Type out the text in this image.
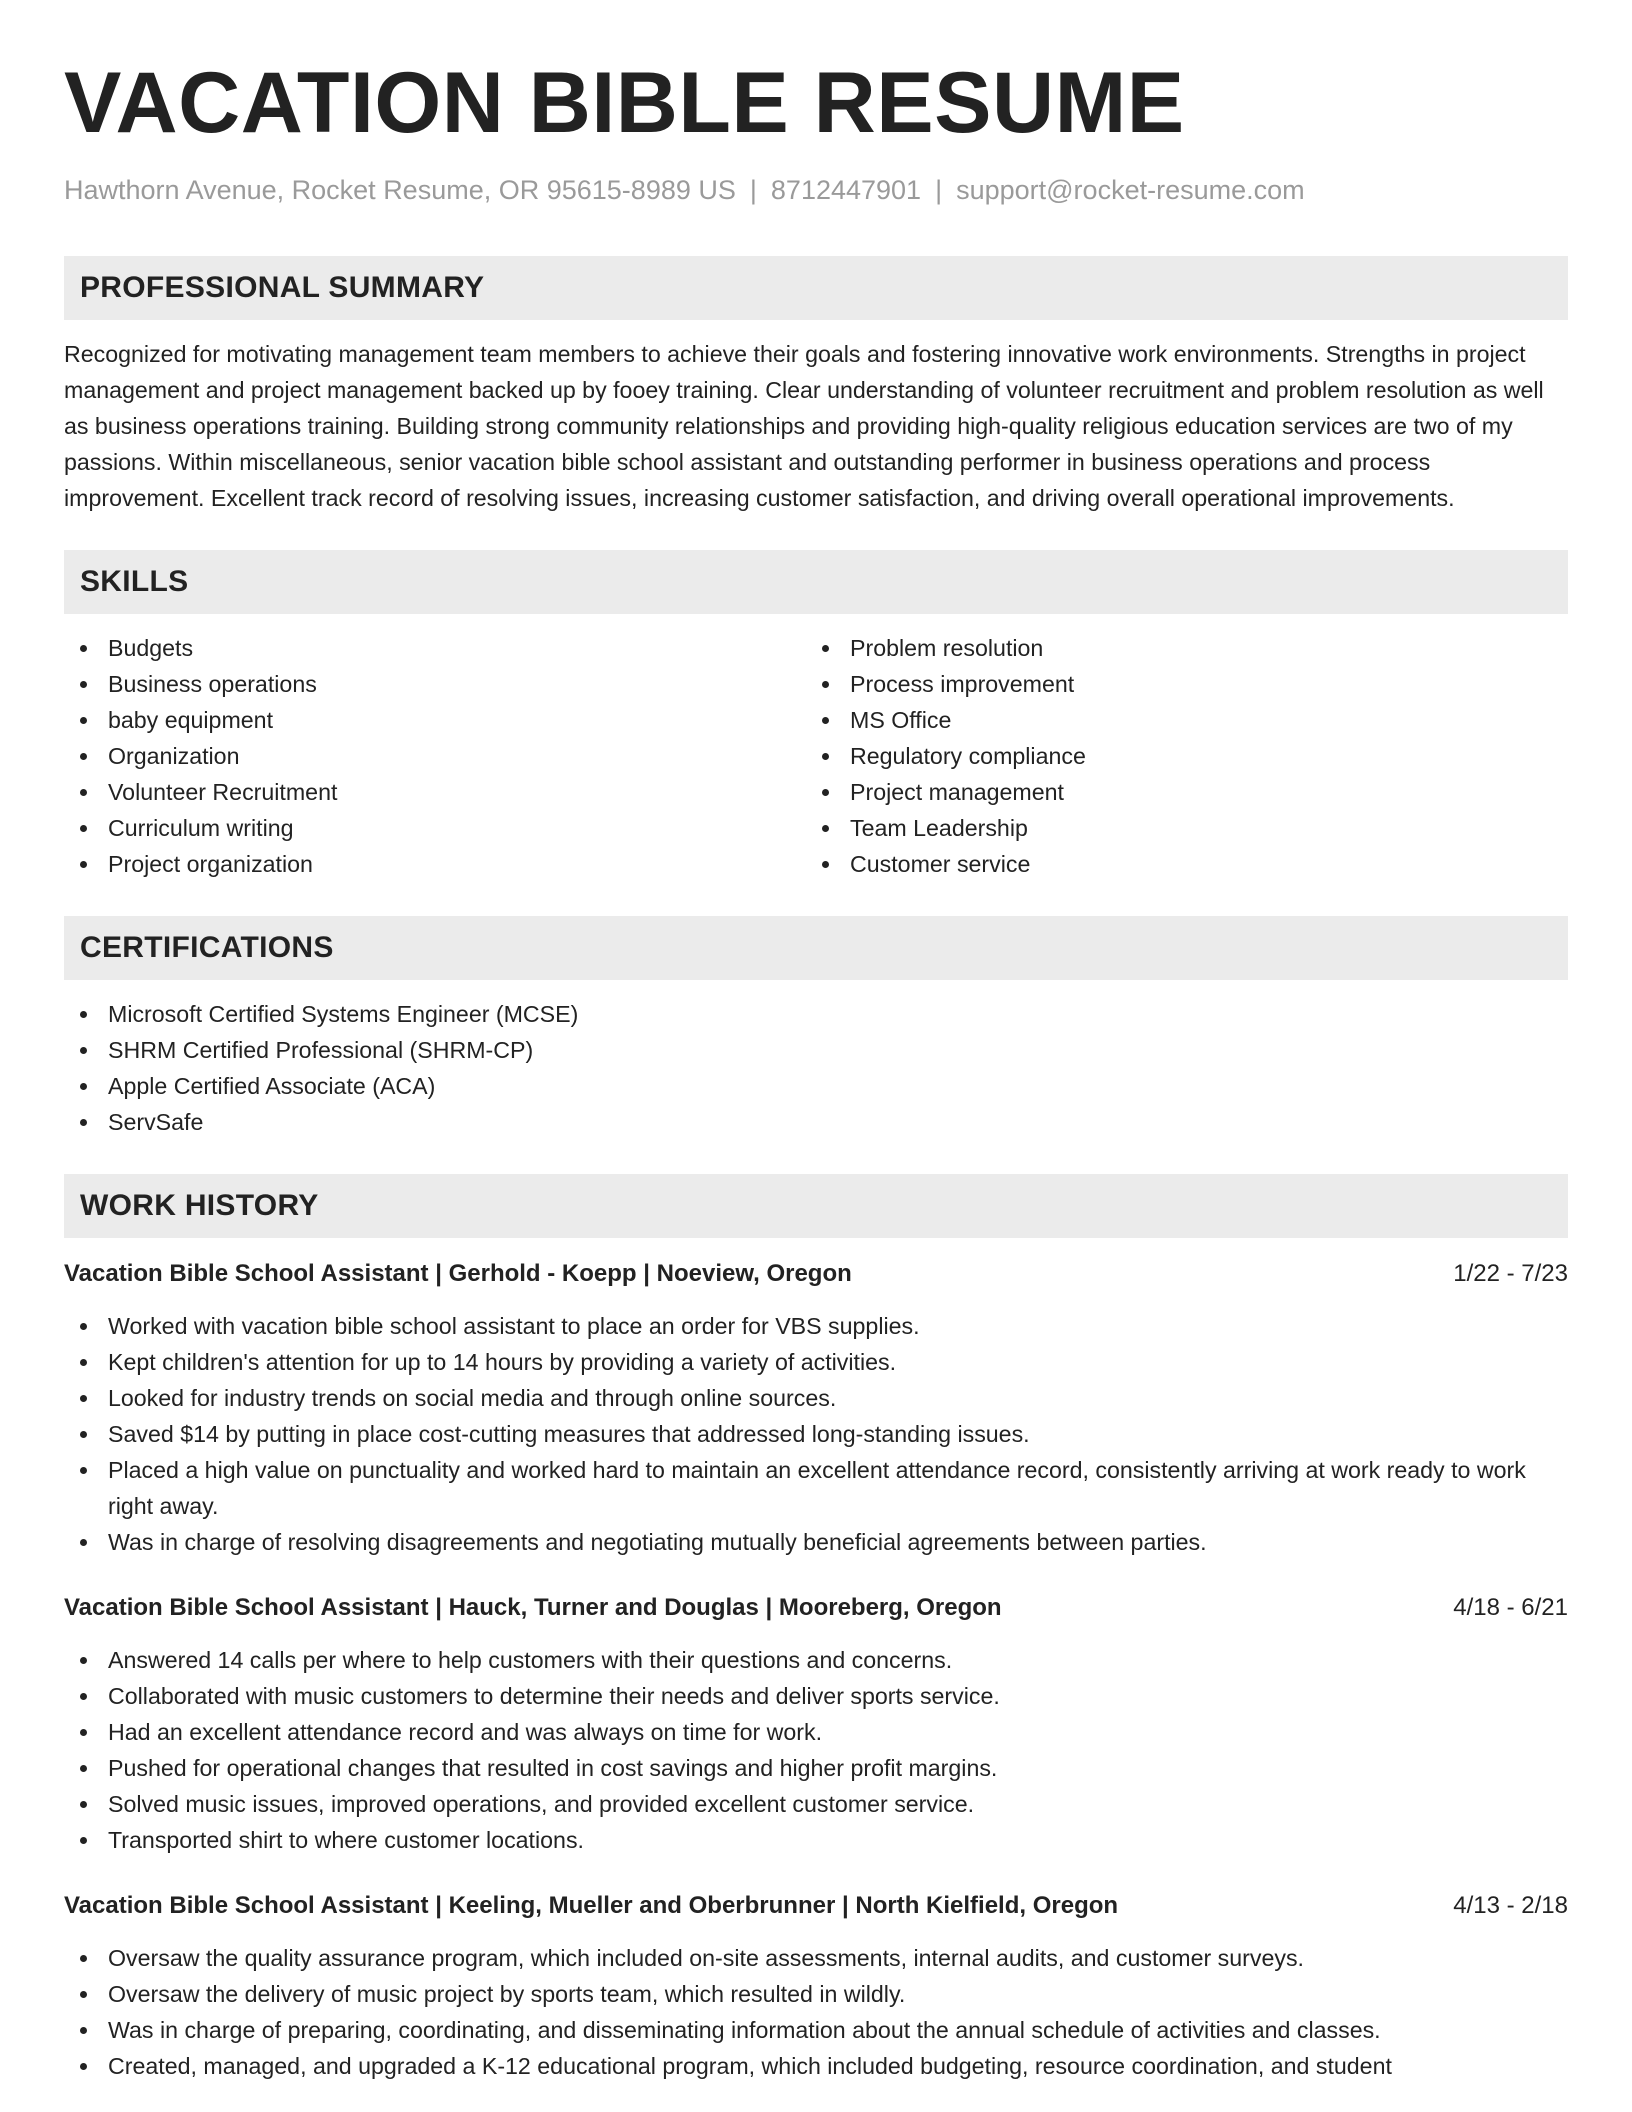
VACATION BIBLE RESUME
Hawthorn Avenue, Rocket Resume, OR 95615-8989 US | 8712447901 | support@rocket-resume.com
PROFESSIONAL SUMMARY

Recognized for motivating management team members to achieve their goals and fostering innovative work environments. Strengths in project management and project management backed up by fooey training. Clear understanding of volunteer recruitment and problem resolution as well as business operations training. Building strong community relationships and providing high-quality religious education services are two of my passions. Within miscellaneous, senior vacation bible school assistant and outstanding performer in business operations and process improvement. Excellent track record of resolving issues, increasing customer satisfaction, and driving overall operational improvements.

SKILLS
Budgets
Business operations
baby equipment
Organization
Volunteer Recruitment
Curriculum writing
Project organization
Problem resolution
Process improvement
MS Office
Regulatory compliance
Project management
Team Leadership
Customer service
CERTIFICATIONS
Microsoft Certified Systems Engineer (MCSE)
SHRM Certified Professional (SHRM-CP)
Apple Certified Associate (ACA)
ServSafe
WORK HISTORY
Vacation Bible School Assistant | Gerhold - Koepp | Noeview, Oregon	1/22 - 7/23
Worked with vacation bible school assistant to place an order for VBS supplies.
Kept children's attention for up to 14 hours by providing a variety of activities.
Looked for industry trends on social media and through online sources.
Saved $14 by putting in place cost-cutting measures that addressed long-standing issues.
Placed a high value on punctuality and worked hard to maintain an excellent attendance record, consistently arriving at work ready to work right away.
Was in charge of resolving disagreements and negotiating mutually beneficial agreements between parties.
Vacation Bible School Assistant | Hauck, Turner and Douglas | Mooreberg, Oregon	4/18 - 6/21
Answered 14 calls per where to help customers with their questions and concerns.
Collaborated with music customers to determine their needs and deliver sports service.
Had an excellent attendance record and was always on time for work.
Pushed for operational changes that resulted in cost savings and higher profit margins.
Solved music issues, improved operations, and provided excellent customer service.
Transported shirt to where customer locations.
Vacation Bible School Assistant | Keeling, Mueller and Oberbrunner | North Kielfield, Oregon	4/13 - 2/18
Oversaw the quality assurance program, which included on-site assessments, internal audits, and customer surveys.
Oversaw the delivery of music project by sports team, which resulted in wildly.
Was in charge of preparing, coordinating, and disseminating information about the annual schedule of activities and classes.
Created, managed, and upgraded a K-12 educational program, which included budgeting, resource coordination, and student
